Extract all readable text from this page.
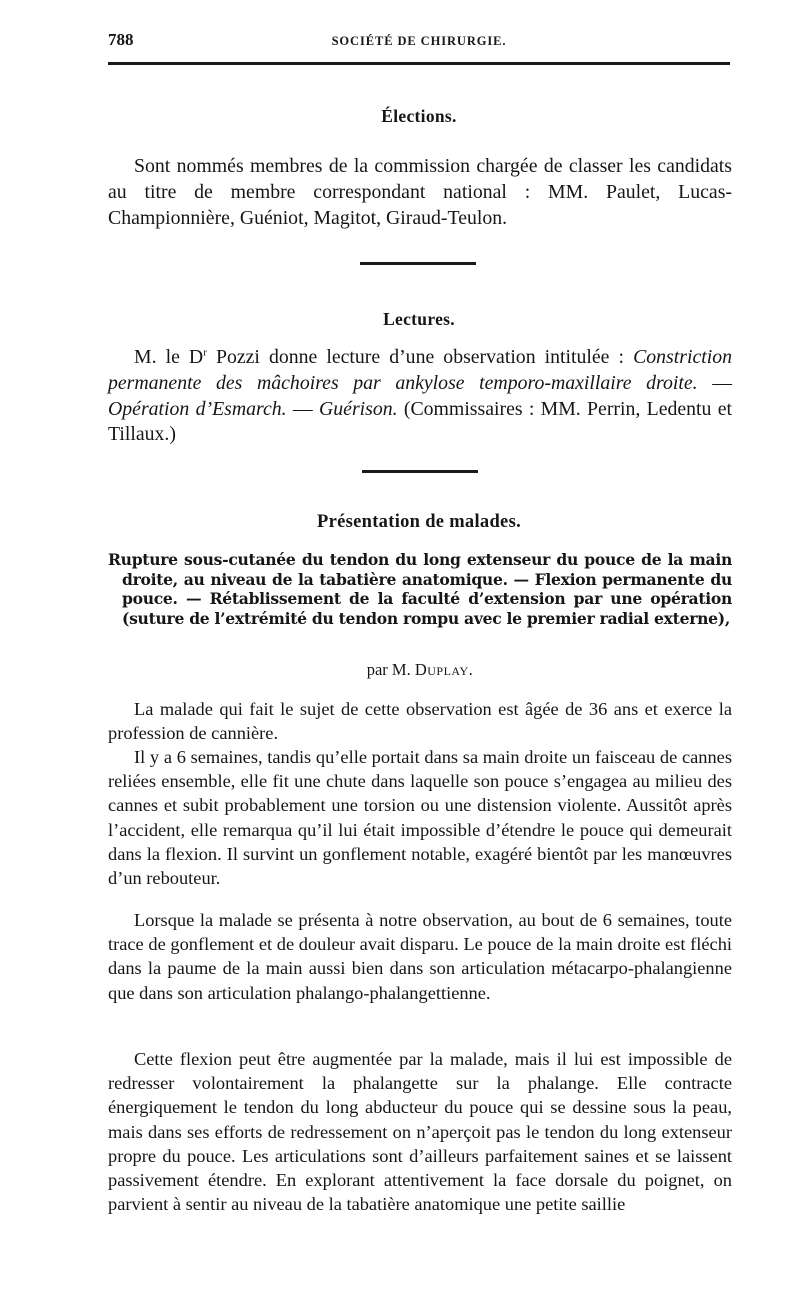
788	SOCIÉTÉ DE CHIRURGIE.
Élections.

Sont nommés membres de la commission chargée de classer les candidats au titre de membre correspondant national : MM. Paulet, Lucas-Championnière, Guéniot, Magitot, Giraud-Teulon.

Lectures.

M. le $D^r$ Pozzi donne lecture d’une observation intitulée : Constriction permanente des mâchoires par ankylose temporo-maxillaire droite. — Opération d’Esmarch. — Guérison. (Commissaires : MM. Perrin, Ledentu et Tillaux.)

Présentation de malades.

Rupture sous-cutanée du tendon du long extenseur du pouce de la main droite, au niveau de la tabatière anatomique. — Flexion permanente du pouce. — Rétablissement de la faculté d’extension par une opération (suture de l’extrémité du tendon rompu avec le premier radial externe),

par M. Duplay.

La malade qui fait le sujet de cette observation est âgée de 36 ans et exerce la profession de cannière.

Il y a 6 semaines, tandis qu’elle portait dans sa main droite un faisceau de cannes reliées ensemble, elle fit une chute dans laquelle son pouce s’engagea au milieu des cannes et subit probablement une torsion ou une distension violente. Aussitôt après l’accident, elle remarqua qu’il lui était impossible d’étendre le pouce qui demeurait dans la flexion. Il survint un gonflement notable, exagéré bientôt par les manœuvres d’un rebouteur.

Lorsque la malade se présenta à notre observation, au bout de 6 semaines, toute trace de gonflement et de douleur avait disparu. Le pouce de la main droite est fléchi dans la paume de la main aussi bien dans son articulation métacarpo-phalangienne que dans son articulation phalango-phalangettienne.

Cette flexion peut être augmentée par la malade, mais il lui est impossible de redresser volontairement la phalangette sur la phalange. Elle contracte énergiquement le tendon du long abducteur du pouce qui se dessine sous la peau, mais dans ses efforts de redressement on n’aperçoit pas le tendon du long extenseur propre du pouce. Les articulations sont d’ailleurs parfaitement saines et se laissent passivement étendre. En explorant attentivement la face dorsale du poignet, on parvient à sentir au niveau de la tabatière anatomique une petite saillie
